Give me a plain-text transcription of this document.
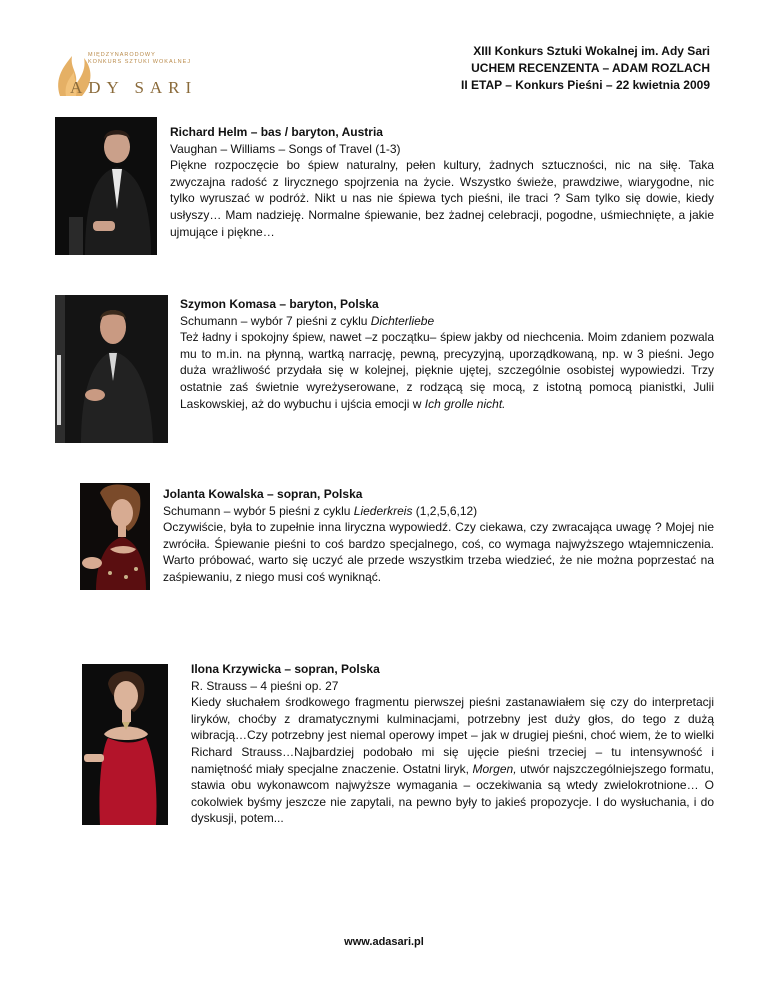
MIĘDZYNARODOWY
KONKURS SZTUKI WOKALNEJ
ADY SARI
XIII Konkurs Sztuki Wokalnej im. Ady Sari
UCHEM RECENZENTA – ADAM ROZLACH
II ETAP – Konkurs Pieśni – 22 kwietnia 2009
Richard Helm – bas / baryton, Austria
Vaughan – Williams – Songs of Travel (1-3)
Piękne rozpoczęcie bo śpiew naturalny, pełen kultury, żadnych sztuczności, nic na siłę. Taka zwyczajna radość z lirycznego spojrzenia na życie. Wszystko świeże, prawdziwe, wiarygodne, nic tylko wyruszać w podróż. Nikt u nas nie śpiewa tych pieśni, ile traci ? Sam tylko się dowie, kiedy usłyszy… Mam nadzieję. Normalne śpiewanie, bez żadnej celebracji, pogodne, uśmiechnięte, a jakie ujmujące i piękne…
Szymon Komasa – baryton, Polska
Schumann – wybór 7 pieśni z cyklu Dichterliebe
Też ładny i spokojny śpiew, nawet –z początku– śpiew jakby od niechcenia. Moim zdaniem pozwala mu to m.in. na płynną, wartką narrację, pewną, precyzyjną, uporządkowaną, np. w 3 pieśni. Jego duża wrażliwość przydała się w kolejnej, pięknie ujętej, szczególnie osobistej wypowiedzi. Trzy ostatnie zaś świetnie wyreżyserowane, z rodzącą się mocą, z istotną pomocą pianistki, Julii Laskowskiej, aż do wybuchu i ujścia emocji w Ich grolle nicht.
Jolanta Kowalska – sopran, Polska
Schumann – wybór 5 pieśni z cyklu Liederkreis (1,2,5,6,12)
Oczywiście, była to zupełnie inna liryczna wypowiedź. Czy ciekawa, czy zwracająca uwagę ? Mojej nie zwróciła. Śpiewanie pieśni to coś bardzo specjalnego, coś, co wymaga najwyższego wtajemniczenia. Warto próbować, warto się uczyć ale przede wszystkim trzeba wiedzieć, że nie można poprzestać na zaśpiewaniu, z niego musi coś wyniknąć.
Ilona Krzywicka – sopran, Polska
R. Strauss – 4 pieśni op. 27
Kiedy słuchałem środkowego fragmentu pierwszej pieśni zastanawiałem się czy do interpretacji liryków, choćby z dramatycznymi kulminacjami, potrzebny jest duży głos, do tego z dużą wibracją…Czy potrzebny jest niemal operowy impet – jak w drugiej pieśni, choć wiem, że to wielki Richard Strauss…Najbardziej podobało mi się ujęcie pieśni trzeciej – tu intensywność i namiętność miały specjalne znaczenie. Ostatni liryk, Morgen, utwór najszczególniejszego formatu, stawia obu wykonawcom najwyższe wymagania – oczekiwania są wtedy zwielokrotnione… O cokolwiek byśmy jeszcze nie zapytali, na pewno były to jakieś propozycje. I do wysłuchania, i do dyskusji, potem...
www.adasari.pl
